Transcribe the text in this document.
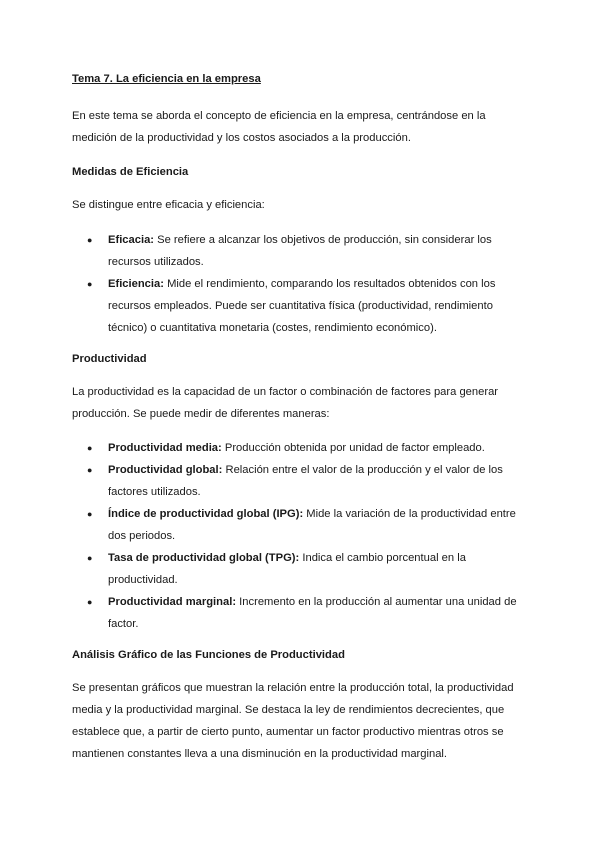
Tema 7. La eficiencia en la empresa

En este tema se aborda el concepto de eficiencia en la empresa, centrándose en la medición de la productividad y los costos asociados a la producción.

Medidas de Eficiencia

Se distingue entre eficacia y eficiencia:

● Eficacia: Se refiere a alcanzar los objetivos de producción, sin considerar los recursos utilizados.
● Eficiencia: Mide el rendimiento, comparando los resultados obtenidos con los recursos empleados. Puede ser cuantitativa física (productividad, rendimiento técnico) o cuantitativa monetaria (costes, rendimiento económico).
Productividad

La productividad es la capacidad de un factor o combinación de factores para generar producción. Se puede medir de diferentes maneras:

● Productividad media: Producción obtenida por unidad de factor empleado.
● Productividad global: Relación entre el valor de la producción y el valor de los factores utilizados.
● Índice de productividad global (IPG): Mide la variación de la productividad entre dos periodos.
● Tasa de productividad global (TPG): Indica el cambio porcentual en la productividad.
● Productividad marginal: Incremento en la producción al aumentar una unidad de factor.
Análisis Gráfico de las Funciones de Productividad

Se presentan gráficos que muestran la relación entre la producción total, la productividad media y la productividad marginal. Se destaca la ley de rendimientos decrecientes, que establece que, a partir de cierto punto, aumentar un factor productivo mientras otros se mantienen constantes lleva a una disminución en la productividad marginal.
